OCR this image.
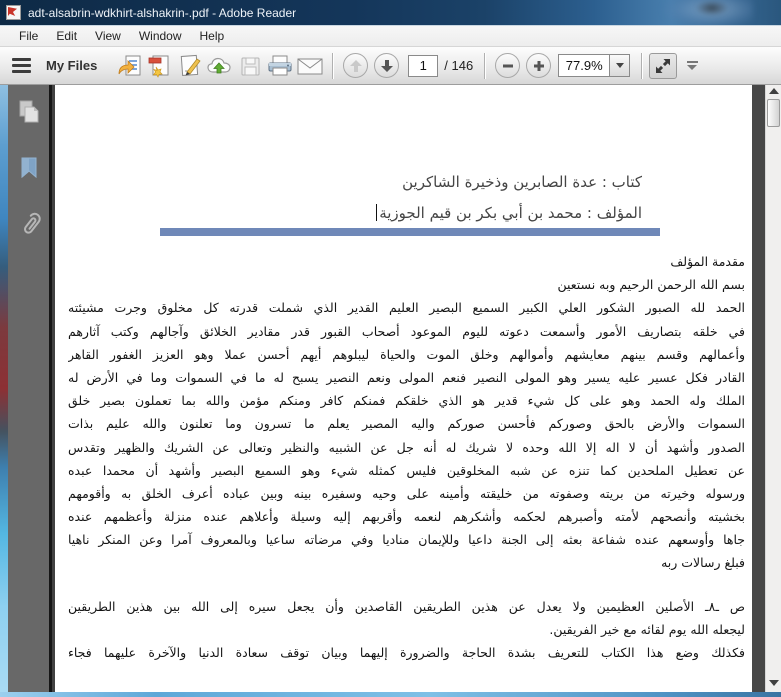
adt-alsabrin-wdkhirt-alshakrin-.pdf - Adobe Reader
File	Edit	View	Window	Help
My Files
1	/ 146
77.9%
كتاب : عدة الصابرين وذخيرة الشاكرين
المؤلف : محمد بن أبي بكر بن قيم الجوزية
مقدمة المؤلف
بسم الله الرحمن الرحيم وبه نستعين
الحمد لله الصبور الشكور العلي الكبير السميع البصير العليم القدير الذي شملت قدرته كل مخلوق وجرت مشيئته
في خلقه بتصاريف الأمور وأسمعت دعوته لليوم الموعود أصحاب القبور قدر مقادير الخلائق وآجالهم وكتب آثارهم
وأعمالهم وقسم بينهم معايشهم وأموالهم وخلق الموت والحياة ليبلوهم أيهم أحسن عملا وهو العزيز الغفور القاهر
القادر فكل عسير عليه يسير وهو المولى النصير فنعم المولى ونعم النصير يسبح له ما في السموات وما في الأرض له
الملك وله الحمد وهو على كل شيء قدير هو الذي خلقكم فمنكم كافر ومنكم مؤمن والله بما تعملون بصير خلق
السموات والأرض بالحق وصوركم فأحسن صوركم واليه المصير يعلم ما تسرون وما تعلنون والله عليم بذات
الصدور وأشهد أن لا اله إلا الله وحده لا شريك له أنه جل عن الشبيه والنظير وتعالى عن الشريك والظهير وتقدس
عن تعطيل الملحدين كما تنزه عن شبه المخلوقين فليس كمثله شيء وهو السميع البصير وأشهد أن محمدا عبده
ورسوله وخيرته من بريته وصفوته من خليقته وأمينه على وحيه وسفيره بينه وبين عباده أعرف الخلق به وأقومهم
بخشيته وأنصحهم لأمته وأصبرهم لحكمه وأشكرهم لنعمه وأقربهم إليه وسيلة وأعلاهم عنده منزلة وأعظمهم عنده
جاها وأوسعهم عنده شفاعة بعثه إلى الجنة داعيا وللإيمان مناديا وفي مرضاته ساعيا وبالمعروف آمرا وعن المنكر ناهيا
فبلغ رسالات ربه
ص ـ٨ـ الأصلين العظيمين ولا يعدل عن هذين الطريقين القاصدين وأن يجعل سيره إلى الله بين هذين الطريقين
ليجعله الله يوم لقائه مع خير الفريقين.
فكذلك وضع هذا الكتاب للتعريف بشدة الحاجة والضرورة إليهما وبيان توقف سعادة الدنيا والآخرة عليهما فجاء
